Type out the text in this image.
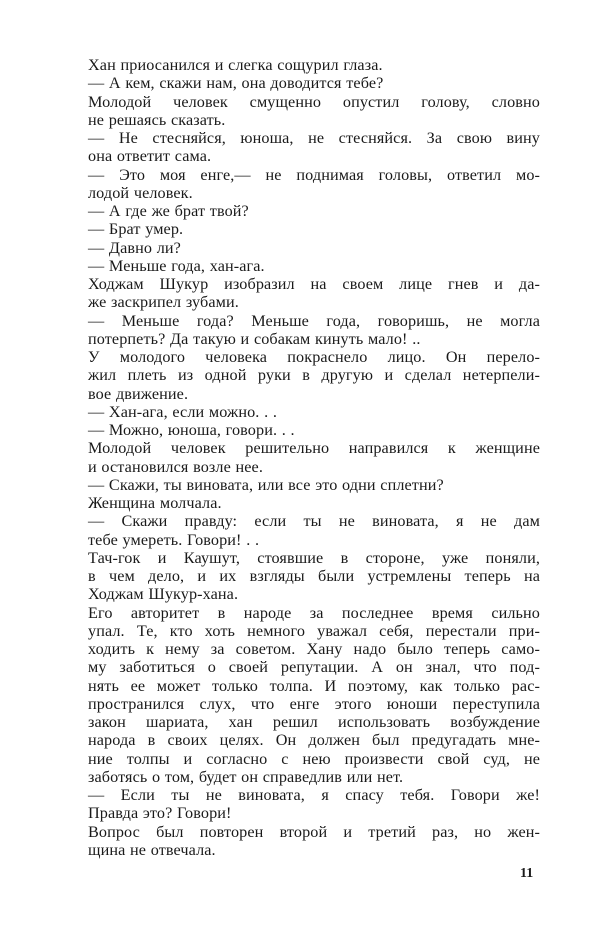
Хан приосанился и слегка сощурил глаза.

— А кем, скажи нам, она доводится тебе?

Молодой человек смущенно опустил голову, словно
не решаясь сказать.

— Не стесняйся, юноша, не стесняйся. За свою вину
она ответит сама.

— Это моя енге,— не поднимая головы, ответил мо-
лодой человек.

— А где же брат твой?

— Брат умер.

— Давно ли?

— Меньше года, хан-ага.

Ходжам Шукур изобразил на своем лице гнев и да-
же заскрипел зубами.

— Меньше года? Меньше года, говоришь, не могла
потерпеть? Да такую и собакам кинуть мало! ..

У молодого человека покраснело лицо. Он перело-
жил плеть из одной руки в другую и сделал нетерпели-
вое движение.

— Хан-ага, если можно. . .

— Можно, юноша, говори. . .

Молодой человек решительно направился к женщине
и остановился возле нее.

— Скажи, ты виновата, или все это одни сплетни?

Женщина молчала.

— Скажи правду: если ты не виновата, я не дам
тебе умереть. Говори! . .

Тач-гок и Каушут, стоявшие в стороне, уже поняли,
в чем дело, и их взгляды были устремлены теперь на
Ходжам Шукур-хана.

Его авторитет в народе за последнее время сильно
упал. Те, кто хоть немного уважал себя, перестали при-
ходить к нему за советом. Хану надо было теперь само-
му заботиться о своей репутации. А он знал, что под-
нять ее может только толпа. И поэтому, как только рас-
пространился слух, что енге этого юноши переступила
закон шариата, хан решил использовать возбуждение
народа в своих целях. Он должен был предугадать мне-
ние толпы и согласно с нею произвести свой суд, не
заботясь о том, будет он справедлив или нет.

— Если ты не виновата, я спасу тебя. Говори же!
Правда это? Говори!

Вопрос был повторен второй и третий раз, но жен-
щина не отвечала.

11
